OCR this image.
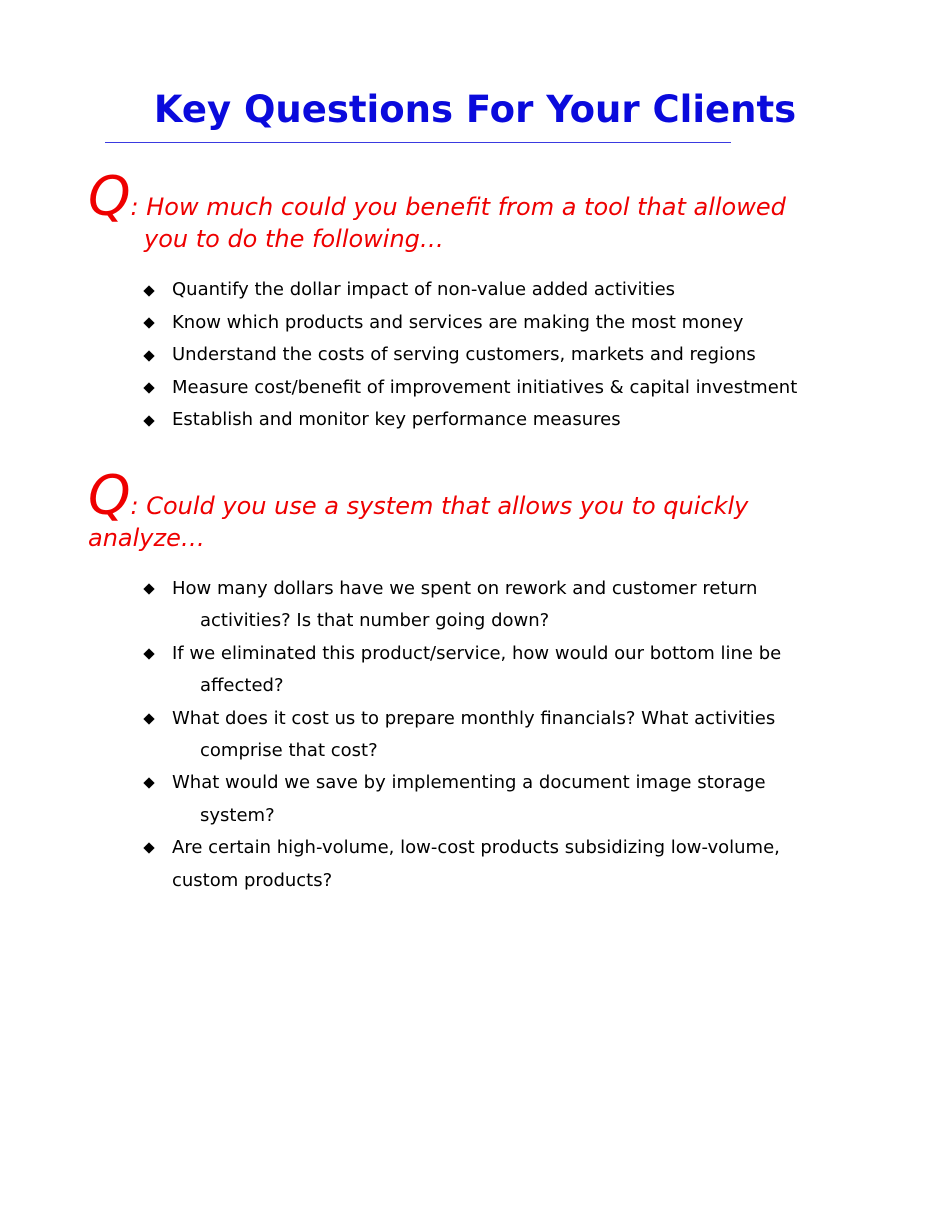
Key Questions For Your Clients
Q: How much could you benefit from a tool that allowed
you to do the following…
Quantify the dollar impact of non-value added activities
Know which products and services are making the most money
Understand the costs of serving customers, markets and regions
Measure cost/benefit of improvement initiatives & capital investment
Establish and monitor key performance measures
Q: Could you use a system that allows you to quickly
analyze…
How many dollars have we spent on rework and customer return
activities? Is that number going down?
If we eliminated this product/service, how would our bottom line be
affected?
What does it cost us to prepare monthly financials? What activities
comprise that cost?
What would we save by implementing a document image storage
system?
Are certain high-volume, low-cost products subsidizing low-volume,
custom products?
